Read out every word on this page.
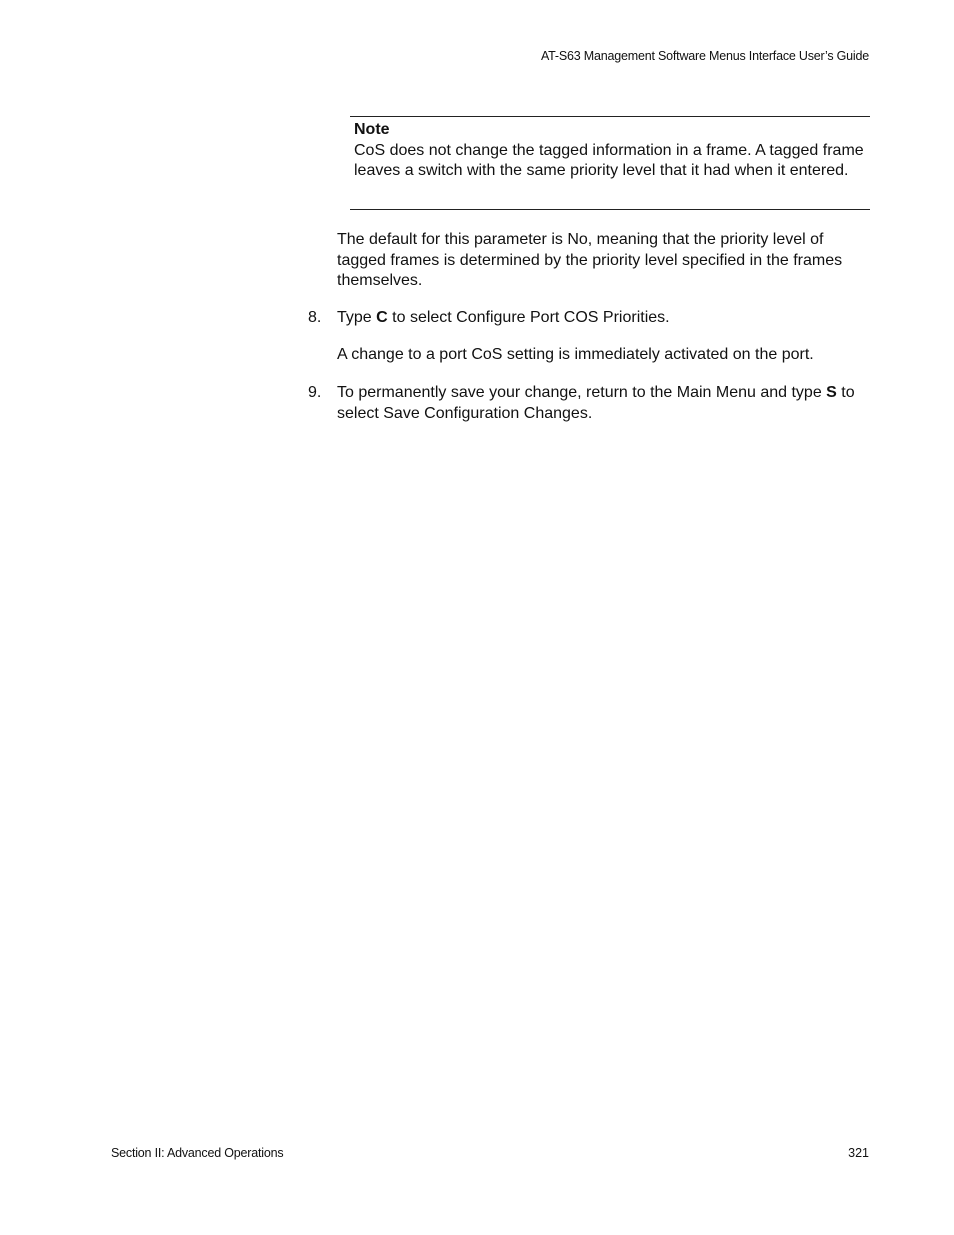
AT-S63 Management Software Menus Interface User’s Guide
Note

CoS does not change the tagged information in a frame. A tagged frame leaves a switch with the same priority level that it had when it entered.

The default for this parameter is No, meaning that the priority level of tagged frames is determined by the priority level specified in the frames themselves.

8. Type C to select Configure Port COS Priorities.

A change to a port CoS setting is immediately activated on the port.

9. To permanently save your change, return to the Main Menu and type S to select Save Configuration Changes.

Section II: Advanced Operations	321
